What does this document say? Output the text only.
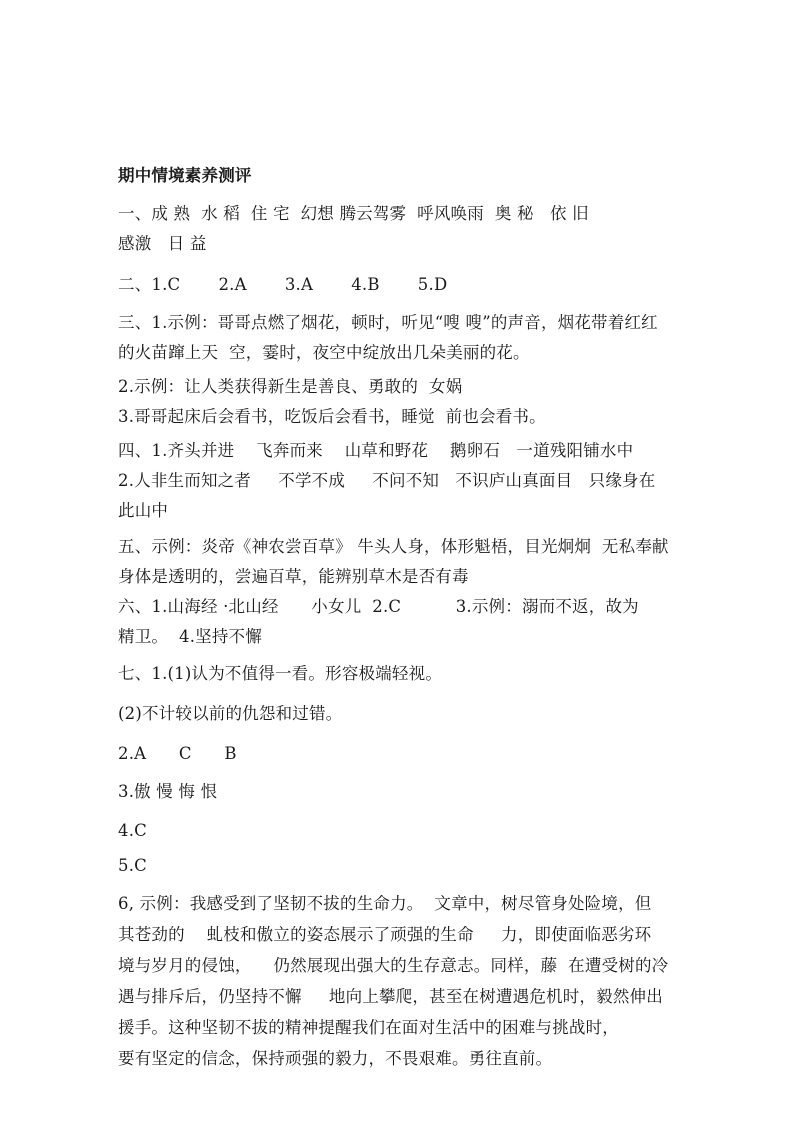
期中情境素养测评
一、成 熟  水 稻  住 宅  幻想 腾云驾雾  呼风唤雨  奥 秘   依 旧
感激   日 益
二、1.C       2.A       3.A       4.B       5.D
三、1.示例：哥哥点燃了烟花，顿时，听见“嗖 嗖”的声音，烟花带着红红
的火苗蹿上天  空，霎时，夜空中绽放出几朵美丽的花。
2.示例：让人类获得新生是善良、勇敢的  女娲
3.哥哥起床后会看书，吃饭后会看书，睡觉  前也会看书。
四、1.齐头并进    飞奔而来    山草和野花    鹅卵石   一道残阳铺水中
2.人非生而知之者     不学不成     不问不知   不识庐山真面目   只缘身在
此山中
五、示例：炎帝《神农尝百草》 牛头人身，体形魁梧，目光炯炯  无私奉献
身体是透明的，尝遍百草，能辨别草木是否有毒
六、1.山海经 ·北山经      小女儿  2.C          3.示例：溺而不返，故为
精卫。  4.坚持不懈
七、1.(1)认为不值得一看。形容极端轻视。
(2)不计较以前的仇怨和过错。
2.A      C      B
3.傲 慢 悔 恨
4.C
5.C
6, 示例：我感受到了坚韧不拔的生命力。  文章中，树尽管身处险境，但
其苍劲的    虬枝和傲立的姿态展示了顽强的生命     力，即使面临恶劣环
境与岁月的侵蚀，    仍然展现出强大的生存意志。同样，藤  在遭受树的冷
遇与排斥后，仍坚持不懈     地向上攀爬，甚至在树遭遇危机时，毅然伸出
援手。这种坚韧不拔的精神提醒我们在面对生活中的困难与挑战时，
要有坚定的信念，保持顽强的毅力，不畏艰难。勇往直前。
